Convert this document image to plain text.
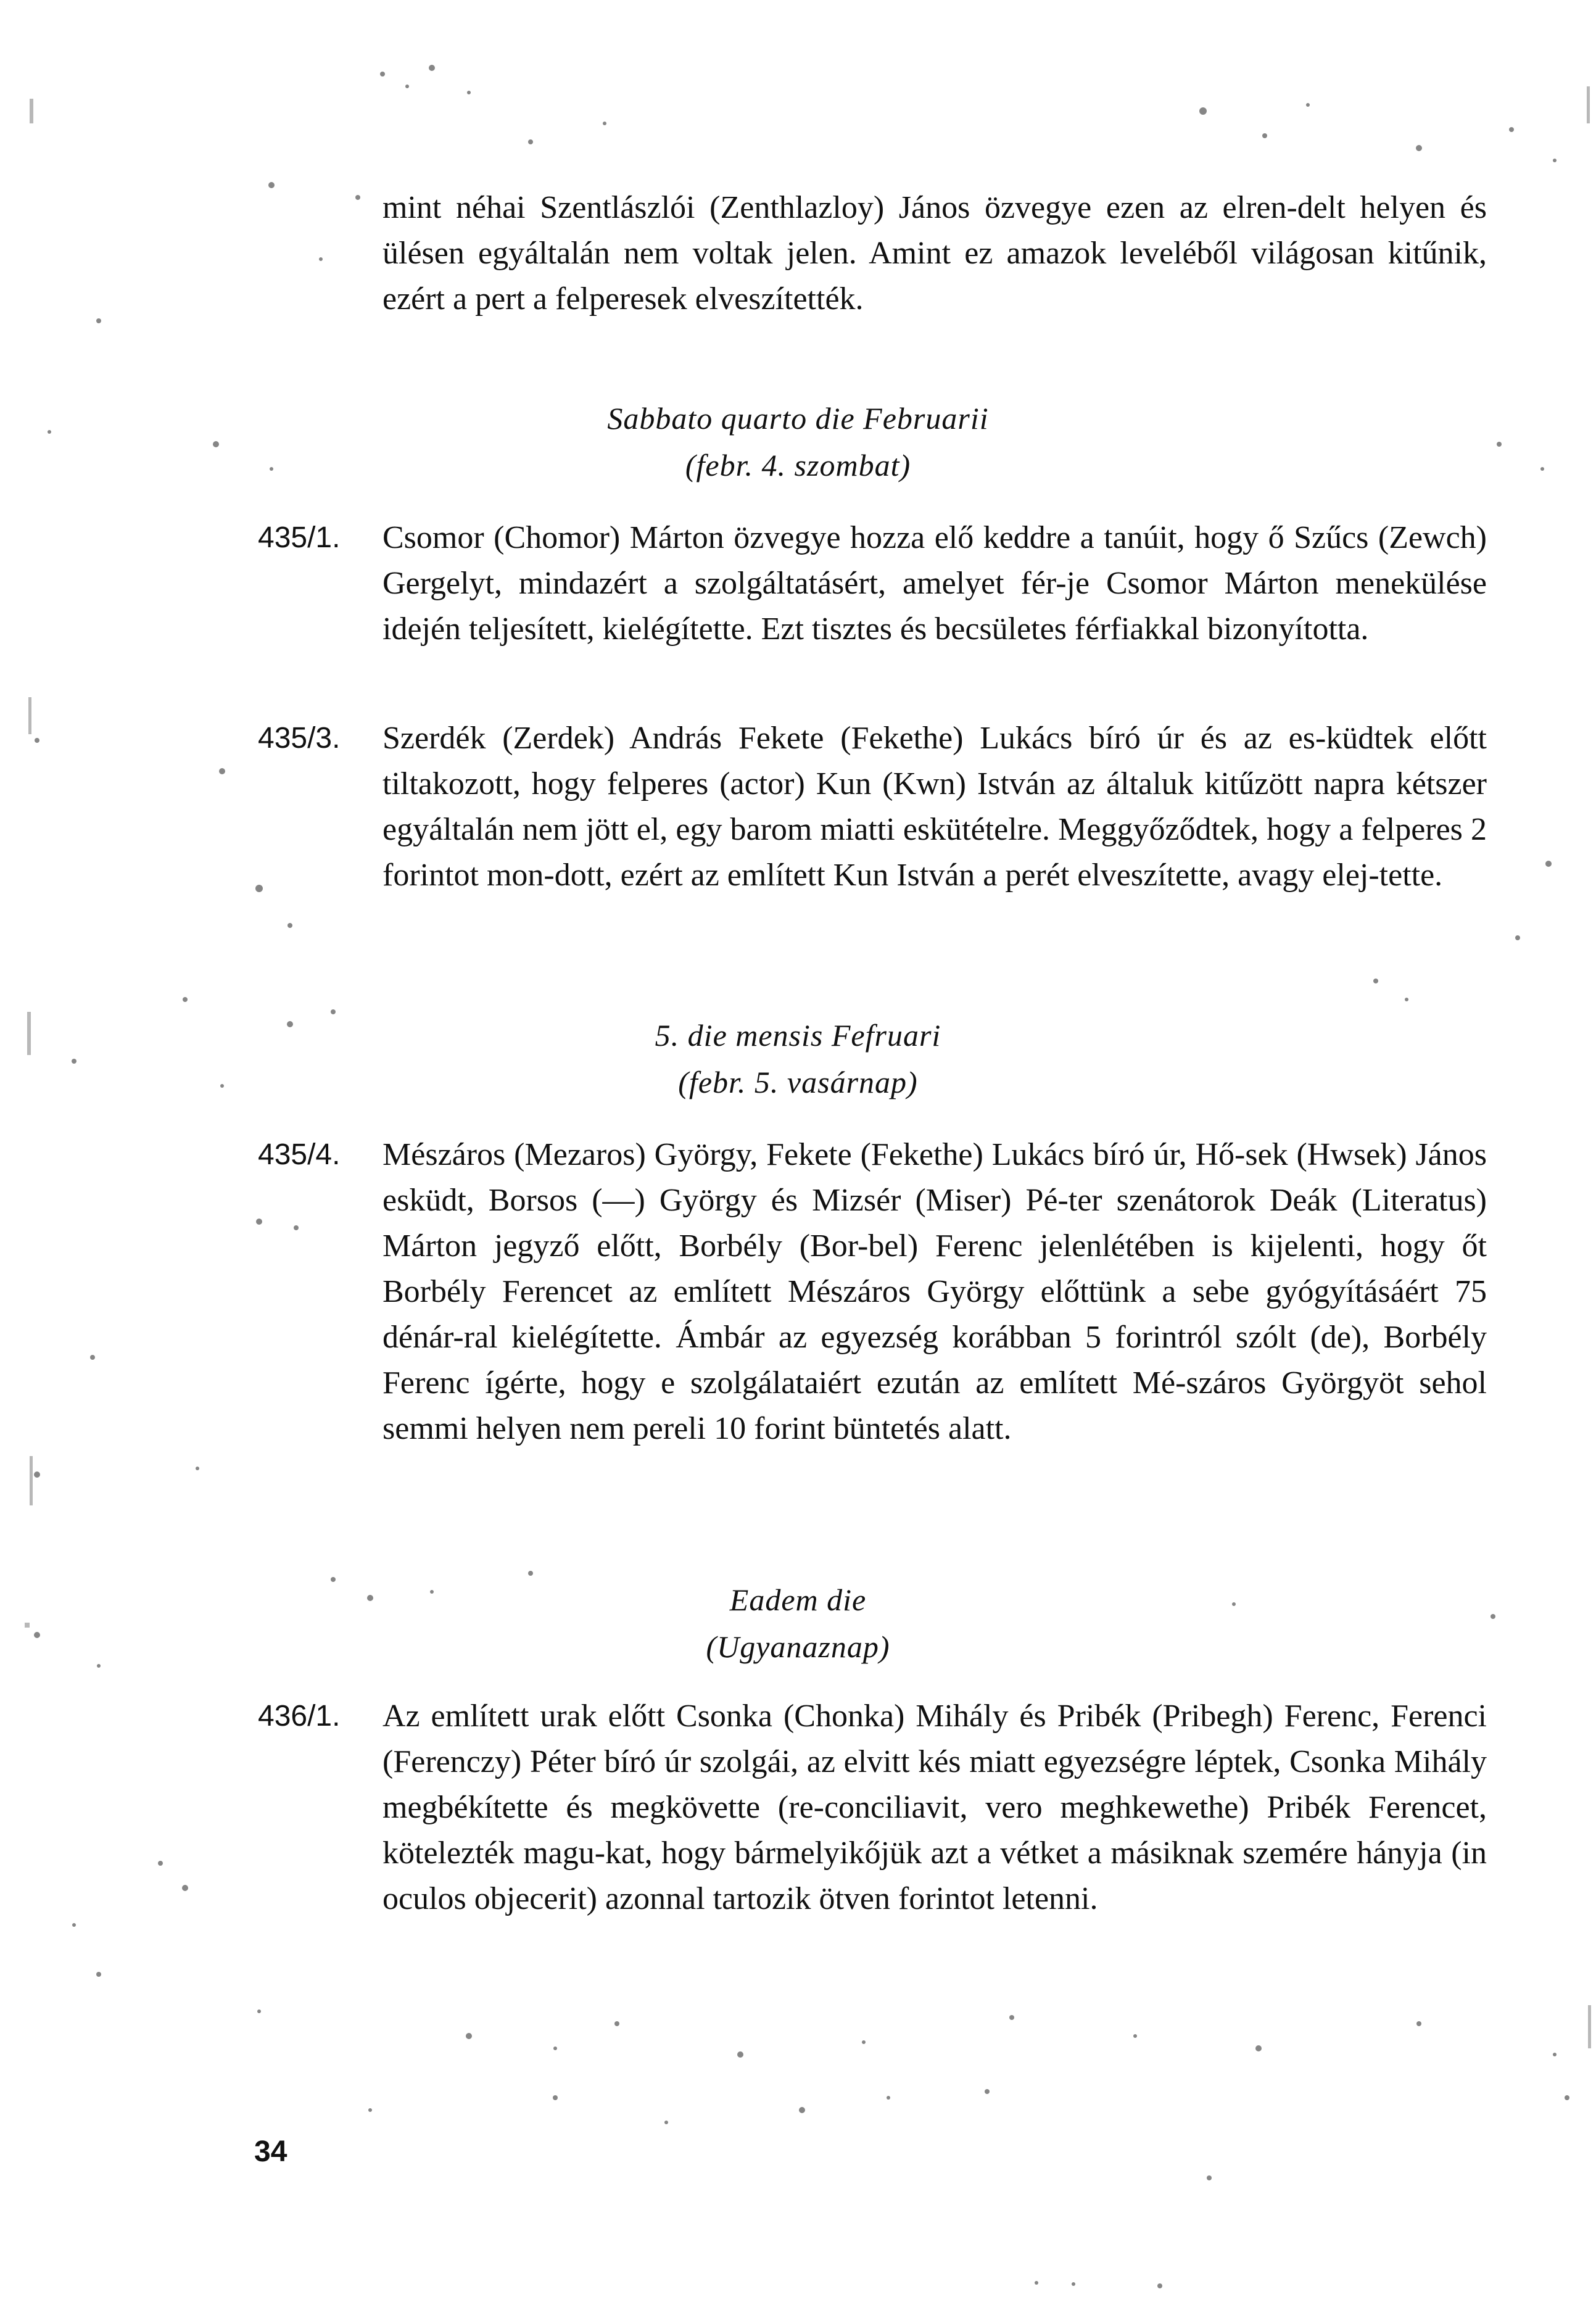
mint néhai Szentlászlói (Zenthlazloy) János özvegye ezen az elren-delt helyen és ülésen egyáltalán nem voltak jelen. Amint ez amazok leveléből világosan kitűnik, ezért a pert a felperesek elveszítették.

Sabbato quarto die Februarii
(febr. 4. szombat)
435/1. Csomor (Chomor) Márton özvegye hozza elő keddre a tanúit, hogy ő Szűcs (Zewch) Gergelyt, mindazért a szolgáltatásért, amelyet fér-je Csomor Márton menekülése idején teljesített, kielégítette. Ezt tisztes és becsületes férfiakkal bizonyította.

435/3. Szerdék (Zerdek) András Fekete (Fekethe) Lukács bíró úr és az es-küdtek előtt tiltakozott, hogy felperes (actor) Kun (Kwn) István az általuk kitűzött napra kétszer egyáltalán nem jött el, egy barom miatti eskütételre. Meggyőződtek, hogy a felperes 2 forintot mon-dott, ezért az említett Kun István a perét elveszítette, avagy elej-tette.

5. die mensis Fefruari
(febr. 5. vasárnap)
435/4. Mészáros (Mezaros) György, Fekete (Fekethe) Lukács bíró úr, Hő-sek (Hwsek) János esküdt, Borsos (—) György és Mizsér (Miser) Pé-ter szenátorok Deák (Literatus) Márton jegyző előtt, Borbély (Bor-bel) Ferenc jelenlétében is kijelenti, hogy őt Borbély Ferencet az említett Mészáros György előttünk a sebe gyógyításáért 75 dénár-ral kielégítette. Ámbár az egyezség korábban 5 forintról szólt (de), Borbély Ferenc ígérte, hogy e szolgálataiért ezután az említett Mé-száros Györgyöt sehol semmi helyen nem pereli 10 forint büntetés alatt.

Eadem die
(Ugyanaznap)
436/1. Az említett urak előtt Csonka (Chonka) Mihály és Pribék (Pribegh) Ferenc, Ferenci (Ferenczy) Péter bíró úr szolgái, az elvitt kés miatt egyezségre léptek, Csonka Mihály megbékítette és megkövette (re-conciliavit, vero meghkewethe) Pribék Ferencet, kötelezték magu-kat, hogy bármelyikőjük azt a vétket a másiknak szemére hányja (in oculos objecerit) azonnal tartozik ötven forintot letenni.

34
